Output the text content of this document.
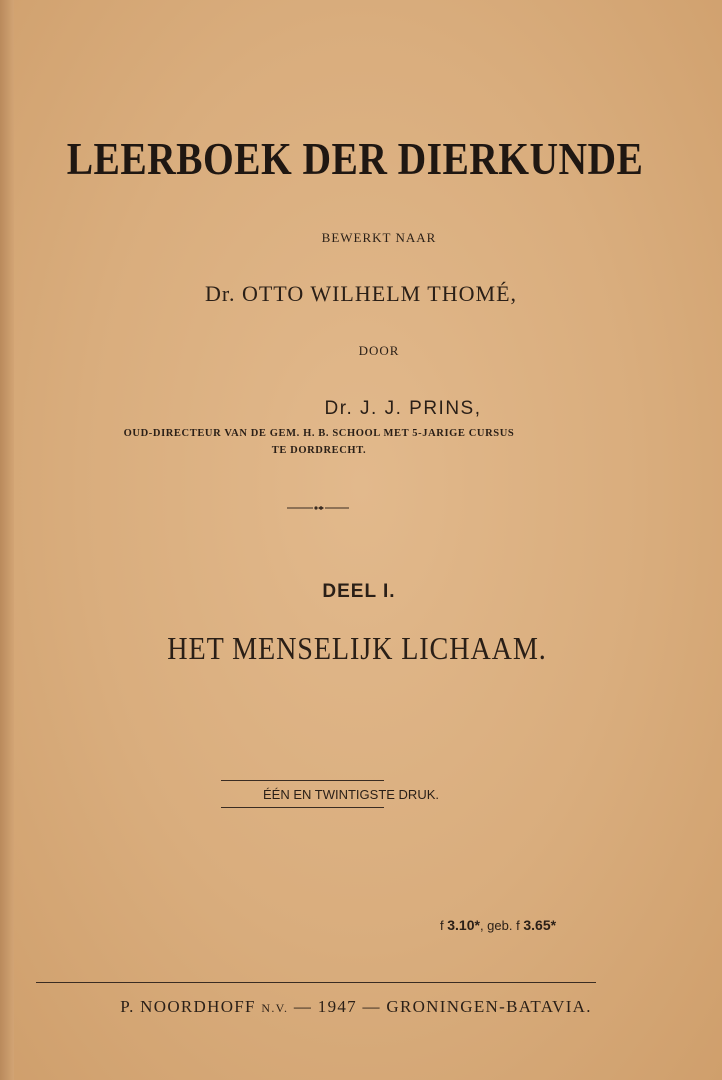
LEERBOEK DER DIERKUNDE
BEWERKT NAAR
Dr. OTTO WILHELM THOMÉ,
DOOR
Dr. J. J. PRINS,
OUD-DIRECTEUR VAN DE GEM. H. B. SCHOOL MET 5-JARIGE CURSUS
TE DORDRECHT.
DEEL I.
HET MENSELIJK LICHAAM.
ÉÉN EN TWINTIGSTE DRUK.
f 3.10*, geb. f 3.65*
P. NOORDHOFF N.V. — 1947 — GRONINGEN-BATAVIA.
